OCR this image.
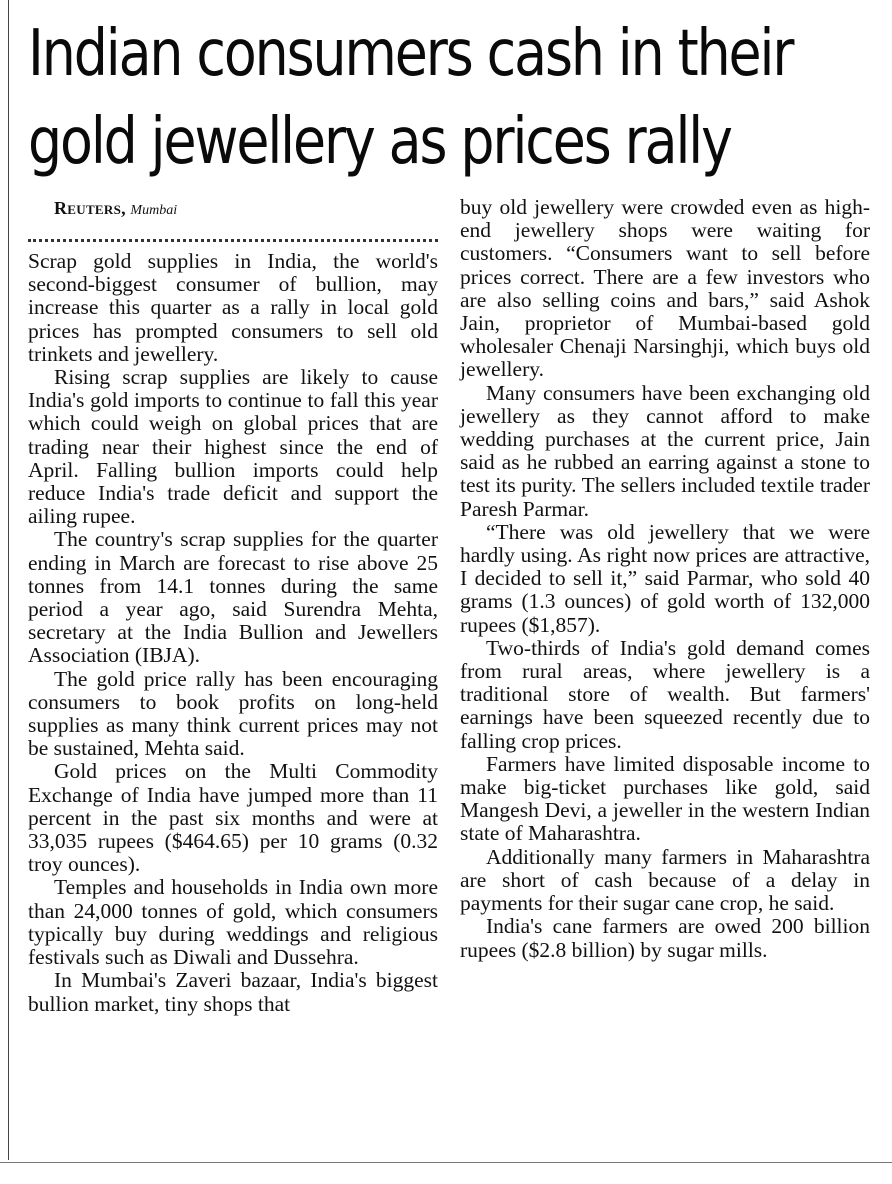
Indian consumers cash in their
gold jewellery as prices rally

Reuters, Mumbai

Scrap gold supplies in India, the world's second-biggest consumer of bullion, may increase this quarter as a rally in local gold prices has prompted consumers to sell old trinkets and jewellery.

Rising scrap supplies are likely to cause India's gold imports to continue to fall this year which could weigh on global prices that are trading near their highest since the end of April. Falling bullion imports could help reduce India's trade deficit and support the ailing rupee.

The country's scrap supplies for the quarter ending in March are forecast to rise above 25 tonnes from 14.1 tonnes during the same period a year ago, said Surendra Mehta, secretary at the India Bullion and Jewellers Association (IBJA).

The gold price rally has been encouraging consumers to book profits on long-held supplies as many think current prices may not be sustained, Mehta said.

Gold prices on the Multi Commodity Exchange of India have jumped more than 11 percent in the past six months and were at 33,035 rupees ($464.65) per 10 grams (0.32 troy ounces).

Temples and households in India own more than 24,000 tonnes of gold, which consumers typically buy during weddings and religious festivals such as Diwali and Dussehra.

In Mumbai's Zaveri bazaar, India's biggest bullion market, tiny shops that

buy old jewellery were crowded even as high-end jewellery shops were waiting for customers. “Consumers want to sell before prices correct. There are a few investors who are also selling coins and bars,” said Ashok Jain, proprietor of Mumbai-based gold wholesaler Chenaji Narsinghji, which buys old jewellery.

Many consumers have been exchanging old jewellery as they cannot afford to make wedding purchases at the current price, Jain said as he rubbed an earring against a stone to test its purity. The sellers included textile trader Paresh Parmar.

“There was old jewellery that we were hardly using. As right now prices are attractive, I decided to sell it,” said Parmar, who sold 40 grams (1.3 ounces) of gold worth of 132,000 rupees ($1,857).

Two-thirds of India's gold demand comes from rural areas, where jewellery is a traditional store of wealth. But farmers' earnings have been squeezed recently due to falling crop prices.

Farmers have limited disposable income to make big-ticket purchases like gold, said Mangesh Devi, a jeweller in the western Indian state of Maharashtra.

Additionally many farmers in Maharashtra are short of cash because of a delay in payments for their sugar cane crop, he said.

India's cane farmers are owed 200 billion rupees ($2.8 billion) by sugar mills.
